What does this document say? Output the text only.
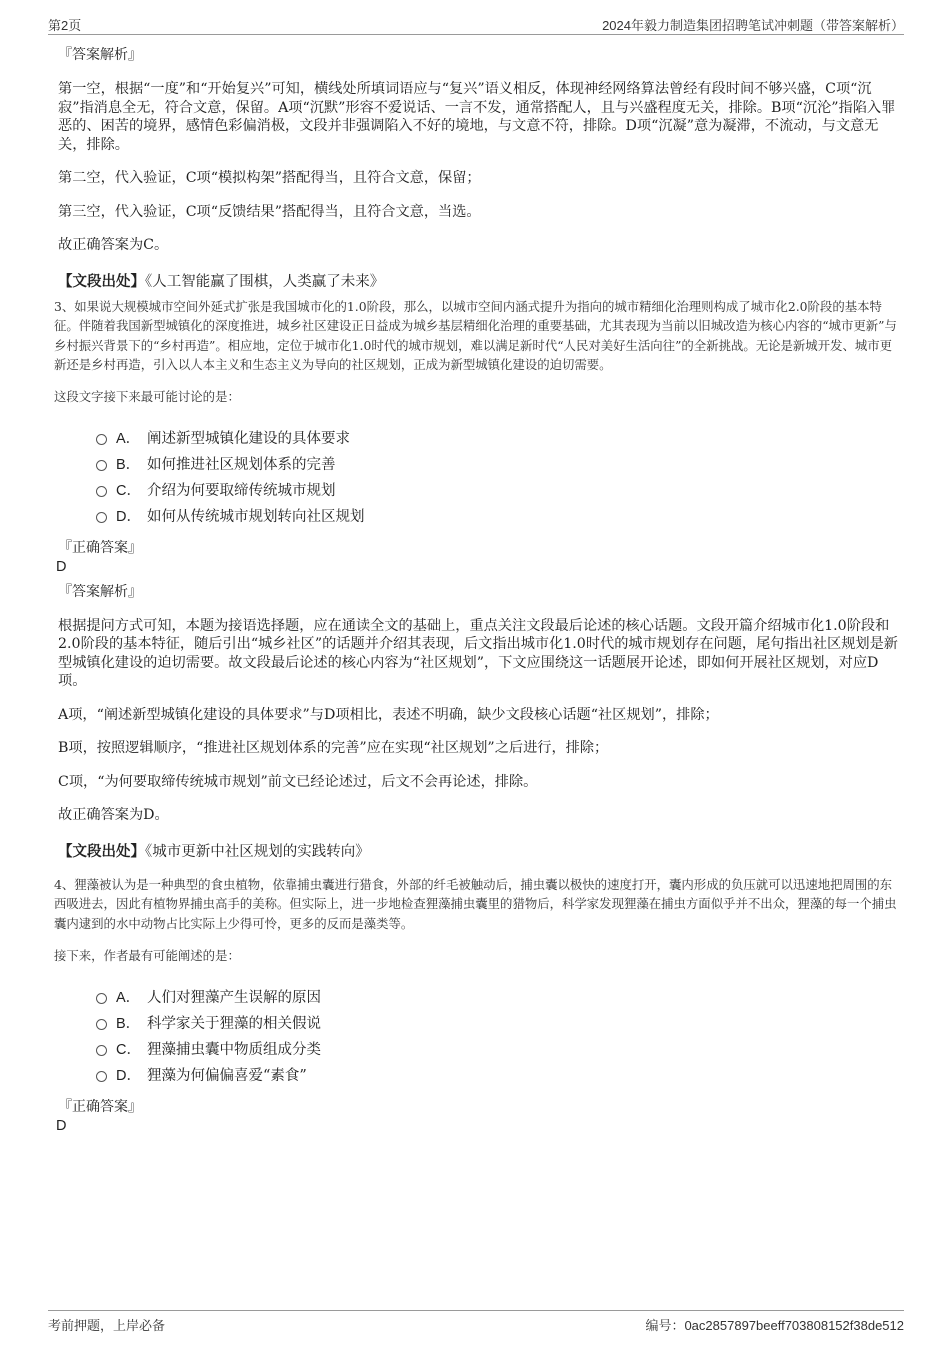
第2页	2024年毅力制造集团招聘笔试冲刺题（带答案解析）
『答案解析』

第一空，根据“一度”和“开始复兴”可知，横线处所填词语应与“复兴”语义相反，体现神经网络算法曾经有段时间不够兴盛，C项“沉寂”指消息全无，符合文意，保留。A项“沉默”形容不爱说话、一言不发，通常搭配人，且与兴盛程度无关，排除。B项“沉沦”指陷入罪恶的、困苦的境界，感情色彩偏消极，文段并非强调陷入不好的境地，与文意不符，排除。D项“沉凝”意为凝滞，不流动，与文意无关，排除。

第二空，代入验证，C项“模拟构架”搭配得当，且符合文意，保留；

第三空，代入验证，C项“反馈结果”搭配得当，且符合文意，当选。

故正确答案为C。

【文段出处】《人工智能赢了围棋，人类赢了未来》

3、如果说大规模城市空间外延式扩张是我国城市化的1.0阶段，那么，以城市空间内涵式提升为指向的城市精细化治理则构成了城市化2.0阶段的基本特征。伴随着我国新型城镇化的深度推进，城乡社区建设正日益成为城乡基层精细化治理的重要基础，尤其表现为当前以旧城改造为核心内容的“城市更新”与乡村振兴背景下的“乡村再造”。相应地，定位于城市化1.0时代的城市规划，难以满足新时代“人民对美好生活向往”的全新挑战。无论是新城开发、城市更新还是乡村再造，引入以人本主义和生态主义为导向的社区规划，正成为新型城镇化建设的迫切需要。

这段文字接下来最可能讨论的是：
A． 阐述新型城镇化建设的具体要求
B． 如何推进社区规划体系的完善
C． 介绍为何要取缔传统城市规划
D． 如何从传统城市规划转向社区规划
『正确答案』
D
『答案解析』

根据提问方式可知，本题为接语选择题，应在通读全文的基础上，重点关注文段最后论述的核心话题。文段开篇介绍城市化1.0阶段和2.0阶段的基本特征，随后引出“城乡社区”的话题并介绍其表现，后文指出城市化1.0时代的城市规划存在问题，尾句指出社区规划是新型城镇化建设的迫切需要。故文段最后论述的核心内容为“社区规划”，下文应围绕这一话题展开论述，即如何开展社区规划，对应D项。

A项，“阐述新型城镇化建设的具体要求”与D项相比，表述不明确，缺少文段核心话题“社区规划”，排除；

B项，按照逻辑顺序，“推进社区规划体系的完善”应在实现“社区规划”之后进行，排除；

C项，“为何要取缔传统城市规划”前文已经论述过，后文不会再论述，排除。

故正确答案为D。

【文段出处】《城市更新中社区规划的实践转向》

4、狸藻被认为是一种典型的食虫植物，依靠捕虫囊进行猎食，外部的纤毛被触动后，捕虫囊以极快的速度打开，囊内形成的负压就可以迅速地把周围的东西吸进去，因此有植物界捕虫高手的美称。但实际上，进一步地检查狸藻捕虫囊里的猎物后，科学家发现狸藻在捕虫方面似乎并不出众，狸藻的每一个捕虫囊内逮到的水中动物占比实际上少得可怜，更多的反而是藻类等。

接下来，作者最有可能阐述的是：
A． 人们对狸藻产生误解的原因
B． 科学家关于狸藻的相关假说
C． 狸藻捕虫囊中物质组成分类
D． 狸藻为何偏偏喜爱“素食”
『正确答案』
D
考前押题，上岸必备	编号：0ac2857897beeff703808152f38de512
